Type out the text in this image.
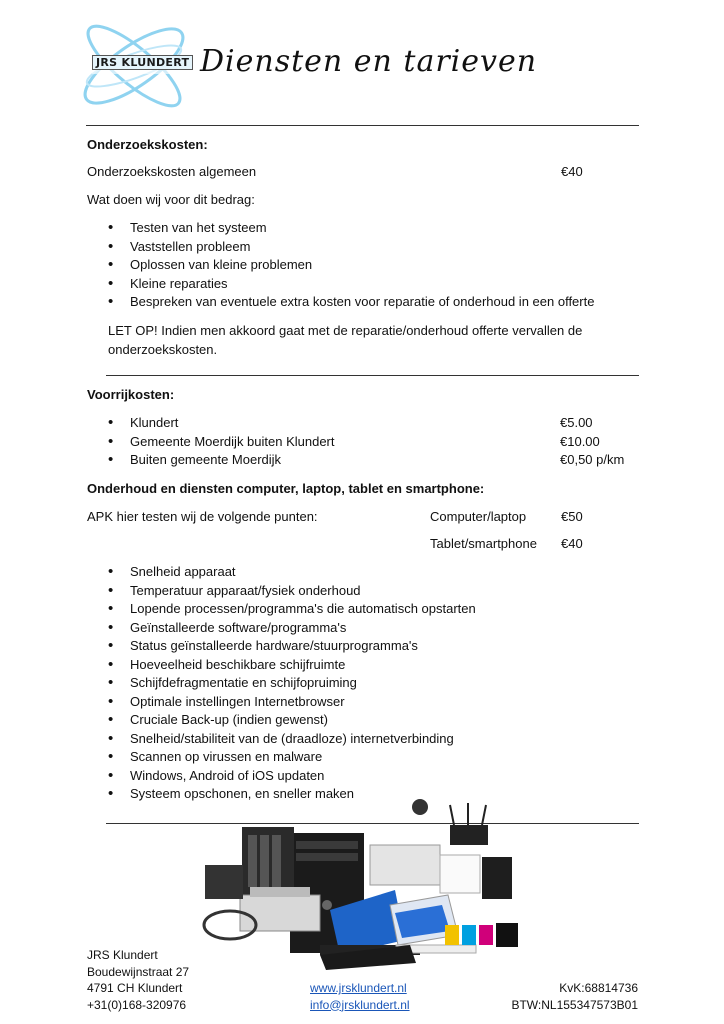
JRS KLUNDERT Diensten en tarieven
Onderzoekskosten:
Onderzoekskosten algemeen	€40
Wat doen wij voor dit bedrag:
• Testen van het systeem
• Vaststellen probleem
• Oplossen van kleine problemen
• Kleine reparaties
• Bespreken van eventuele extra kosten voor reparatie of onderhoud in een offerte
LET OP! Indien men akkoord gaat met de reparatie/onderhoud offerte vervallen de onderzoekskosten.
Voorrijkosten:
• Klundert	€5.00
• Gemeente Moerdijk buiten Klundert	€10.00
• Buiten gemeente Moerdijk	€0,50 p/km
Onderhoud en diensten computer, laptop, tablet en smartphone:
APK hier testen wij de volgende punten:	Computer/laptop	€50
Tablet/smartphone €40
• Snelheid apparaat
• Temperatuur apparaat/fysiek onderhoud
• Lopende processen/programma's die automatisch opstarten
• Geïnstalleerde software/programma's
• Status geïnstalleerde hardware/stuurprogramma's
• Hoeveelheid beschikbare schijfruimte
• Schijfdefragmentatie en schijfopruiming
• Optimale instellingen Internetbrowser
• Cruciale Back-up (indien gewenst)
• Snelheid/stabiliteit van de (draadloze) internetverbinding
• Scannen op virussen en malware
• Windows, Android of iOS updaten
• Systeem opschonen, en sneller maken
JRS Klundert
Boudewijnstraat 27
4791 CH Klundert
+31(0)168-320976
www.jrsklundert.nl
info@jrsklundert.nl
KvK:68814736
BTW:NL155347573B01
